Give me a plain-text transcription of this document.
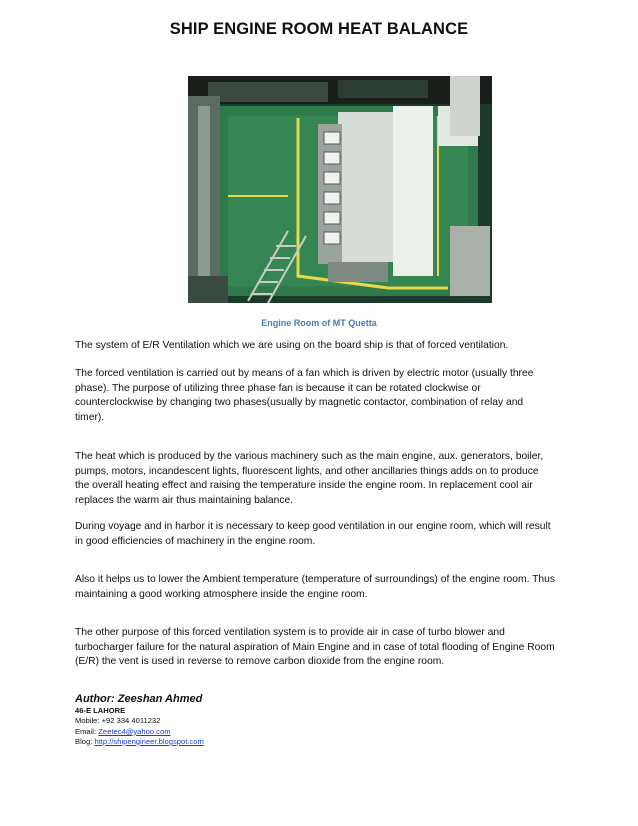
SHIP ENGINE ROOM HEAT BALANCE
Engine Room of MT Quetta

The system of E/R Ventilation which we are using on the board ship is that of forced ventilation.

The forced ventilation is carried out by means of a fan which is driven by electric motor (usually three phase). The purpose of utilizing three phase fan is because it can be rotated clockwise or counterclockwise by changing two phases(usually by magnetic contactor, combination of relay and timer).

The heat which is produced by the various machinery such as the main engine, aux. generators, boiler, pumps, motors, incandescent lights, fluorescent lights, and other ancillaries things adds on to produce the overall heating effect and raising the temperature inside the engine room. In replacement cool air replaces the warm air thus maintaining balance.

During voyage and in harbor it is necessary to keep good ventilation in our engine room, which will result in good efficiencies of machinery in the engine room.

Also it helps us to lower the Ambient temperature (temperature of surroundings) of the engine room. Thus maintaining a good working atmosphere inside the engine room.

The other purpose of this forced ventilation system is to provide air in case of turbo blower and turbocharger failure for the natural aspiration of Main Engine and in case of total flooding of Engine Room (E/R) the vent is used in reverse to remove carbon dioxide from the engine room.

Author: Zeeshan Ahmed
46-E LAHORE
Mobile: +92 334 4011232
Email: Zeetec4@yahoo.com
Blog: http://shipengineer.blogspot.com
